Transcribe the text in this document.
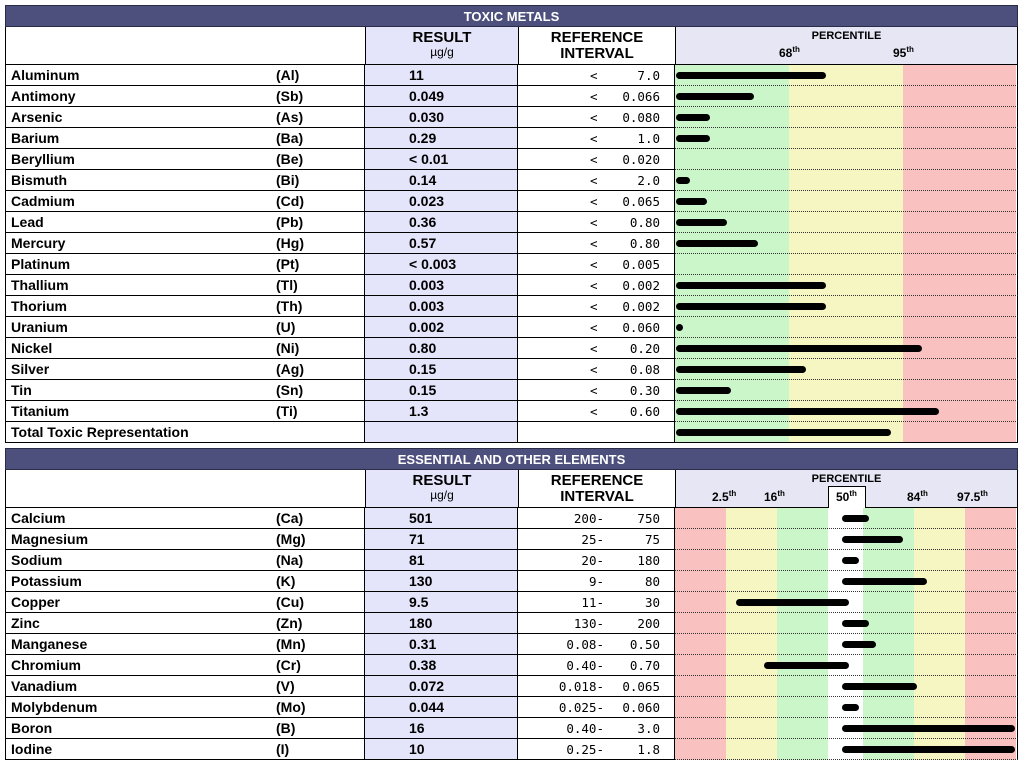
TOXIC METALS
RESULT
µg/g
REFERENCE
INTERVAL
PERCENTILE
68th	95th
Aluminum	(Al)	11	<	7.0
Antimony	(Sb)	0.049	< 0.066
Arsenic	(As)	0.030	< 0.080
Barium	(Ba)	0.29	<	1.0
Beryllium	(Be)	< 0.01	< 0.020
Bismuth	(Bi)	0.14	<	2.0
Cadmium	(Cd)	0.023	< 0.065
Lead	(Pb)	0.36	<	0.80
Mercury	(Hg)	0.57	<	0.80
Platinum	(Pt)	< 0.003	< 0.005
Thallium	(Tl)	0.003	< 0.002
Thorium	(Th)	0.003	< 0.002
Uranium	(U)	0.002	< 0.060
Nickel	(Ni)	0.80	<	0.20
Silver	(Ag)	0.15	<	0.08
Tin	(Sn)	0.15	<	0.30
Titanium	(Ti)	1.3	<	0.60
Total Toxic Representation
ESSENTIAL AND OTHER ELEMENTS
RESULT
µg/g
REFERENCE
INTERVAL
PERCENTILE
2.5th 16th	50th	84th 97.5th
Calcium	(Ca)	501	200-	750
Magnesium	(Mg)	71	25-	75
Sodium	(Na)	81	20-	180
Potassium	(K)	130	9-	80
Copper	(Cu)	9.5	11-	30
Zinc	(Zn)	180	130-	200
Manganese	(Mn)	0.31	0.08- 0.50
Chromium	(Cr)	0.38	0.40- 0.70
Vanadium	(V)	0.072	0.018- 0.065
Molybdenum	(Mo)	0.044	0.025- 0.060
Boron	(B)	16	0.40-	3.0
Iodine	(I)	10	0.25-	1.8
